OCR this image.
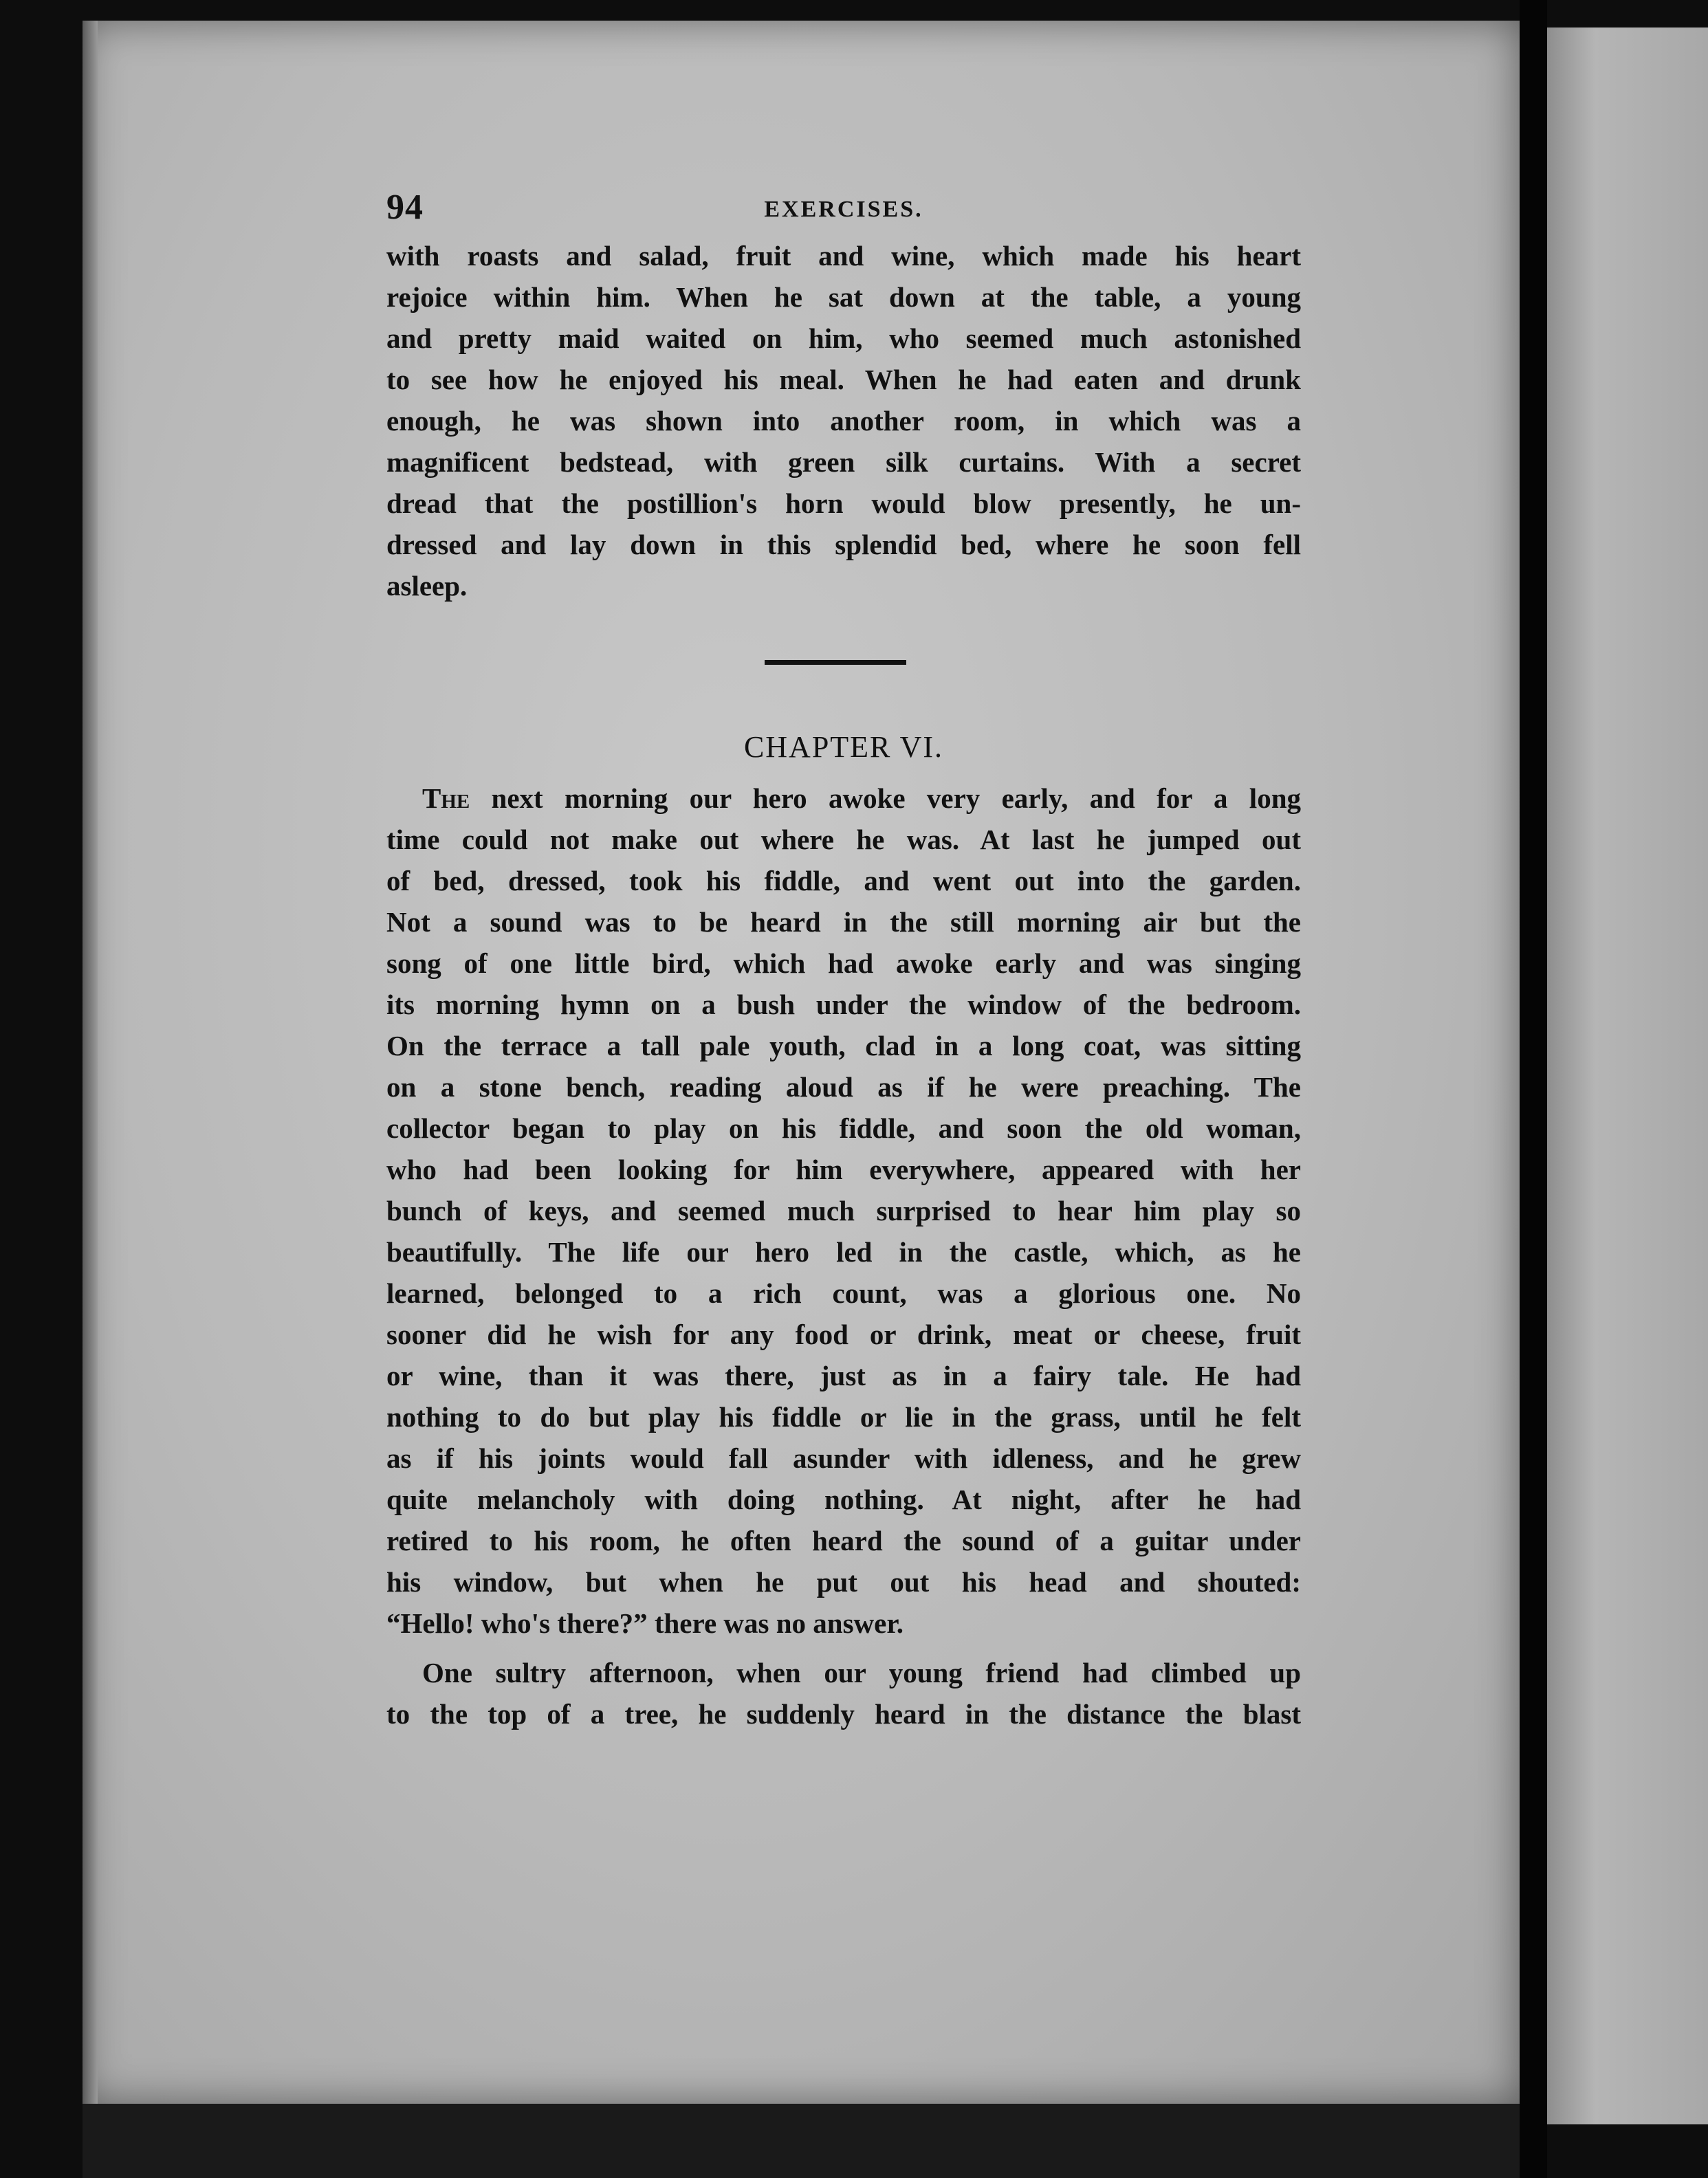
94	EXERCISES.

with roasts and salad, fruit and wine, which made his heart
rejoice within him. When he sat down at the table, a young
and pretty maid waited on him, who seemed much astonished
to see how he enjoyed his meal. When he had eaten and drunk
enough, he was shown into another room, in which was a
magnificent bedstead, with green silk curtains. With a secret
dread that the postillion's horn would blow presently, he un-
dressed and lay down in this splendid bed, where he soon fell
asleep.

CHAPTER VI.

The next morning our hero awoke very early, and for a long
time could not make out where he was. At last he jumped out
of bed, dressed, took his fiddle, and went out into the garden.
Not a sound was to be heard in the still morning air but the
song of one little bird, which had awoke early and was singing
its morning hymn on a bush under the window of the bedroom.
On the terrace a tall pale youth, clad in a long coat, was sitting
on a stone bench, reading aloud as if he were preaching. The
collector began to play on his fiddle, and soon the old woman,
who had been looking for him everywhere, appeared with her
bunch of keys, and seemed much surprised to hear him play so
beautifully. The life our hero led in the castle, which, as he
learned, belonged to a rich count, was a glorious one. No
sooner did he wish for any food or drink, meat or cheese, fruit
or wine, than it was there, just as in a fairy tale. He had
nothing to do but play his fiddle or lie in the grass, until he felt
as if his joints would fall asunder with idleness, and he grew
quite melancholy with doing nothing. At night, after he had
retired to his room, he often heard the sound of a guitar under
his window, but when he put out his head and shouted:
“Hello! who's there?” there was no answer.

One sultry afternoon, when our young friend had climbed up
to the top of a tree, he suddenly heard in the distance the blast
